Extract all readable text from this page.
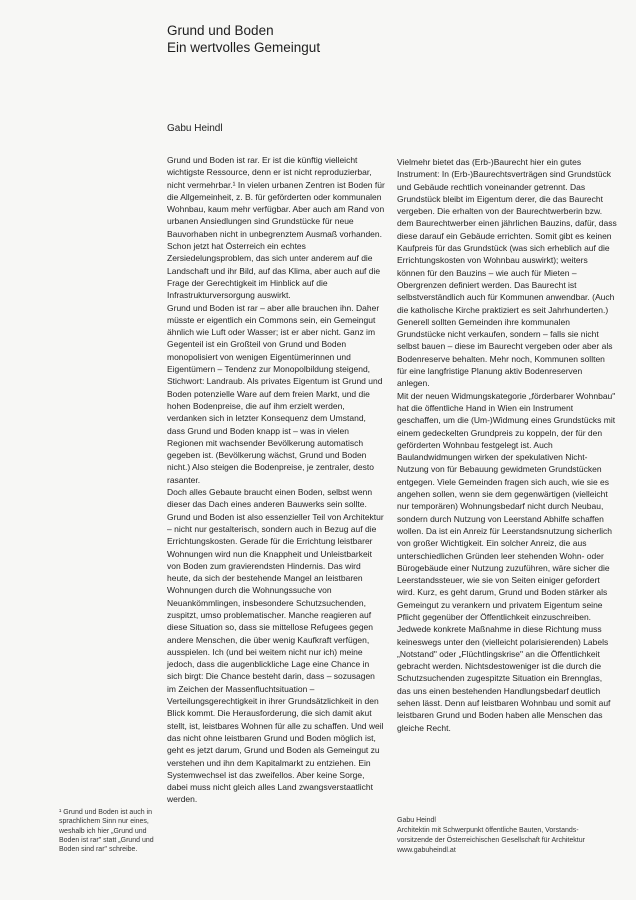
Grund und Boden
Ein wertvolles Gemeingut
Gabu Heindl

Grund und Boden ist rar. Er ist die künftig vielleicht wichtigste Ressource, denn er ist nicht reproduzierbar, nicht vermehrbar.¹ In vielen urbanen Zentren ist Boden für die Allgemeinheit, z. B. für geförderten oder kommunalen Wohnbau, kaum mehr verfügbar. Aber auch am Rand von urbanen Ansiedlungen sind Grundstücke für neue Bauvorhaben nicht in unbegrenztem Ausmaß vorhanden. Schon jetzt hat Österreich ein echtes Zersiedelungsproblem, das sich unter anderem auf die Landschaft und ihr Bild, auf das Klima, aber auch auf die Frage der Gerechtigkeit im Hinblick auf die Infrastrukturversorgung auswirkt.

Grund und Boden ist rar – aber alle brauchen ihn. Daher müsste er eigentlich ein Commons sein, ein Gemeingut ähnlich wie Luft oder Wasser; ist er aber nicht. Ganz im Gegenteil ist ein Großteil von Grund und Boden monopolisiert von wenigen Eigentümerinnen und Eigentümern – Tendenz zur Monopolbildung steigend, Stichwort: Landraub. Als privates Eigentum ist Grund und Boden potenzielle Ware auf dem freien Markt, und die hohen Bodenpreise, die auf ihm erzielt werden, verdanken sich in letzter Konsequenz dem Umstand, dass Grund und Boden knapp ist – was in vielen Regionen mit wachsender Bevölkerung automatisch gegeben ist. (Bevölkerung wächst, Grund und Boden nicht.) Also steigen die Bodenpreise, je zentraler, desto rasanter.

Doch alles Gebaute braucht einen Boden, selbst wenn dieser das Dach eines anderen Bauwerks sein sollte. Grund und Boden ist also essenzieller Teil von Architektur – nicht nur gestalterisch, sondern auch in Bezug auf die Errichtungskosten. Gerade für die Errichtung leistbarer Wohnungen wird nun die Knappheit und Unleistbarkeit von Boden zum gravierendsten Hindernis. Das wird heute, da sich der bestehende Mangel an leistbaren Wohnungen durch die Wohnungssuche von Neuankömmlingen, insbesondere Schutzsuchenden, zuspitzt, umso problematischer. Manche reagieren auf diese Situation so, dass sie mittellose Refugees gegen andere Menschen, die über wenig Kaufkraft verfügen, ausspielen. Ich (und bei weitem nicht nur ich) meine jedoch, dass die augenblickliche Lage eine Chance in sich birgt: Die Chance besteht darin, dass – sozusagen im Zeichen der Massenfluchtsituation – Verteilungsgerechtigkeit in ihrer Grundsätzlichkeit in den Blick kommt. Die Herausforderung, die sich damit akut stellt, ist, leistbares Wohnen für alle zu schaffen. Und weil das nicht ohne leistbaren Grund und Boden möglich ist, geht es jetzt darum, Grund und Boden als Gemeingut zu verstehen und ihn dem Kapitalmarkt zu entziehen. Ein Systemwechsel ist das zweifellos. Aber keine Sorge, dabei muss nicht gleich alles Land zwangsverstaatlicht werden.

Vielmehr bietet das (Erb-)Baurecht hier ein gutes Instrument: In (Erb-)Baurechtsverträgen sind Grundstück und Gebäude rechtlich voneinander getrennt. Das Grundstück bleibt im Eigentum derer, die das Baurecht vergeben. Die erhalten von der Baurechtwerberin bzw. dem Baurechtwerber einen jährlichen Bauzins, dafür, dass diese darauf ein Gebäude errichten. Somit gibt es keinen Kaufpreis für das Grundstück (was sich erheblich auf die Errichtungskosten von Wohnbau auswirkt); weiters können für den Bauzins – wie auch für Mieten – Obergrenzen definiert werden. Das Baurecht ist selbstverständlich auch für Kommunen anwendbar. (Auch die katholische Kirche praktiziert es seit Jahrhunderten.) Generell sollten Gemeinden ihre kommunalen Grundstücke nicht verkaufen, sondern – falls sie nicht selbst bauen – diese im Baurecht vergeben oder aber als Bodenreserve behalten. Mehr noch, Kommunen sollten für eine langfristige Planung aktiv Bodenreserven anlegen.

Mit der neuen Widmungskategorie „förderbarer Wohnbau" hat die öffentliche Hand in Wien ein Instrument geschaffen, um die (Um-)Widmung eines Grundstücks mit einem gedeckelten Grundpreis zu koppeln, der für den geförderten Wohnbau festgelegt ist. Auch Baulandwidmungen wirken der spekulativen Nicht-Nutzung von für Bebauung gewidmeten Grundstücken entgegen. Viele Gemeinden fragen sich auch, wie sie es angehen sollen, wenn sie dem gegenwärtigen (vielleicht nur temporären) Wohnungsbedarf nicht durch Neubau, sondern durch Nutzung von Leerstand Abhilfe schaffen wollen. Da ist ein Anreiz für Leerstandsnutzung sicherlich von großer Wichtigkeit. Ein solcher Anreiz, die aus unterschiedlichen Gründen leer stehenden Wohn- oder Bürogebäude einer Nutzung zuzuführen, wäre sicher die Leerstandssteuer, wie sie von Seiten einiger gefordert wird. Kurz, es geht darum, Grund und Boden stärker als Gemeingut zu verankern und privatem Eigentum seine Pflicht gegenüber der Öffentlichkeit einzuschreiben. Jedwede konkrete Maßnahme in diese Richtung muss keineswegs unter den (vielleicht polarisierenden) Labels „Notstand" oder „Flüchtlingskrise" an die Öffentlichkeit gebracht werden. Nichtsdestoweniger ist die durch die Schutzsuchenden zugespitzte Situation ein Brennglas, das uns einen bestehenden Handlungsbedarf deutlich sehen lässt. Denn auf leistbaren Wohnbau und somit auf leistbaren Grund und Boden haben alle Menschen das gleiche Recht.

¹ Grund und Boden ist auch in sprachlichem Sinn nur eines, weshalb ich hier „Grund und Boden ist rar" statt „Grund und Boden sind rar" schreibe.
Gabu Heindl
Architektin mit Schwerpunkt öffentliche Bauten, Vorstands-
vorsitzende der Österreichischen Gesellschaft für Architektur
www.gabuheindl.at
